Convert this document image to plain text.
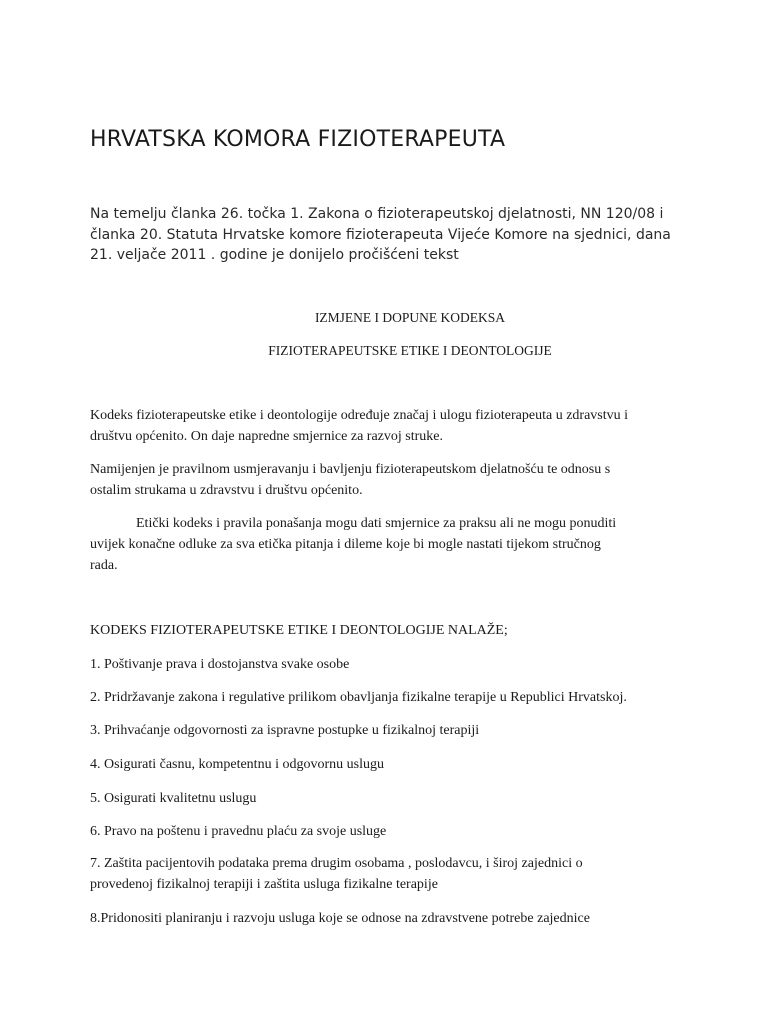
HRVATSKA KOMORA FIZIOTERAPEUTA

Na temelju članka 26. točka 1. Zakona o fizioterapeutskoj djelatnosti, NN 120/08 i
članka 20. Statuta Hrvatske komore fizioterapeuta Vijeće Komore na sjednici, dana
21. veljače 2011 . godine je donijelo pročišćeni tekst

IZMJENE I DOPUNE KODEKSA

FIZIOTERAPEUTSKE ETIKE I DEONTOLOGIJE

Kodeks fizioterapeutske etike i deontologije određuje značaj i ulogu fizioterapeuta u zdravstvu i
društvu općenito. On daje napredne smjernice za razvoj struke.

Namijenjen je pravilnom usmjeravanju i bavljenju fizioterapeutskom djelatnošću te odnosu s
ostalim strukama u zdravstvu i društvu općenito.

Etički kodeks i pravila ponašanja mogu dati smjernice za praksu ali ne mogu ponuditi
uvijek konačne odluke za sva etička pitanja i dileme koje bi mogle nastati tijekom stručnog
rada.

KODEKS FIZIOTERAPEUTSKE ETIKE I DEONTOLOGIJE NALAŽE;

1. Poštivanje prava i dostojanstva svake osobe

2. Pridržavanje zakona i regulative prilikom obavljanja fizikalne terapije u Republici Hrvatskoj.

3. Prihvaćanje odgovornosti za ispravne postupke u fizikalnoj terapiji

4. Osigurati časnu, kompetentnu i odgovornu uslugu

5. Osigurati kvalitetnu uslugu

6. Pravo na poštenu i pravednu plaću za svoje usluge

7. Zaštita pacijentovih podataka prema drugim osobama , poslodavcu, i širој zajednici o
provedenoj fizikalnoj terapiji i zaštita usluga fizikalne terapije

8.Pridonositi planiranju i razvoju usluga koje se odnose na zdravstvene potrebe zajednice
